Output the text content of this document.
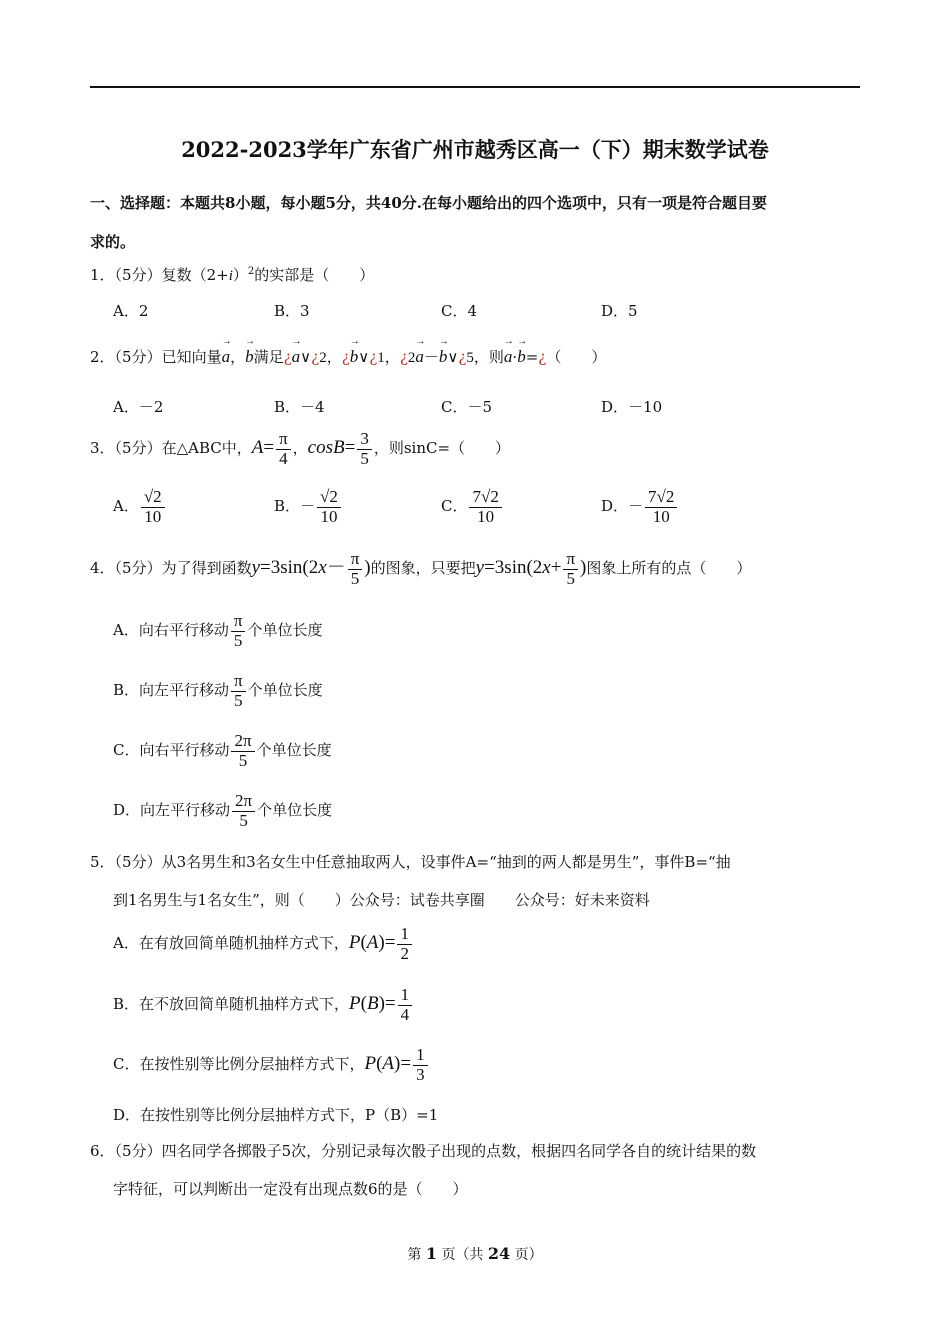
2022-2023学年广东省广州市越秀区高一（下）期末数学试卷
一、选择题：本题共8小题，每小题5分，共40分.在每小题给出的四个选项中，只有一项是符合题目要
求的。
1．（5分）复数$(2+i)^2$的实部是（　　）
A．2	B．3	C．4	D．5
2．（5分）已知向量→ a，→ b满足¿→ a∨¿2，¿→ b∨¿1，¿2→ a－→ b∨¿5，则→ a·→ b=¿（　　）
A．－2	B．－4	C．－5	D．－10
3．（5分）在△ABC中，$A= \frac{\pi}{4}$ ，$\cos B= \frac{3}{5}$ ，则sinC=（　　）
A． $\frac{√2}{10}$	B．－ $\frac{√2}{10}$	C． $\frac{7√2}{10}$	D．－ $\frac{7√2}{10}$
4．（5分）为了得到函数$y=3\sin(2x- \frac{\pi}{5}$ )的图象，只要把$y=3\sin(2x+ \frac{\pi}{5}$ )图象上所有的点（　　）
A．向右平行移动 $\frac{\pi}{5}$ 个单位长度
B．向左平行移动 $\frac{\pi}{5}$ 个单位长度
C．向右平行移动 $\frac{2\pi}{5}$ 个单位长度
D．向左平行移动 $\frac{2\pi}{5}$ 个单位长度
5．（5分）从3名男生和3名女生中任意抽取两人，设事件A=“抽到的两人都是男生”，事件B=“抽
到1名男生与1名女生”，则（　　）公众号：试卷共享圈　　公众号：好未来资料
A．在有放回简单随机抽样方式下，$P(A)= \frac{1}{2}$
B．在不放回简单随机抽样方式下，$P(B)= \frac{1}{4}$
C．在按性别等比例分层抽样方式下，$P(A)= \frac{1}{3}$
D．在按性别等比例分层抽样方式下，P（B）=1
6．（5分）四名同学各掷骰子5次，分别记录每次骰子出现的点数，根据四名同学各自的统计结果的数
字特征，可以判断出一定没有出现点数6的是（　　）
第 1 页（共 24 页）
